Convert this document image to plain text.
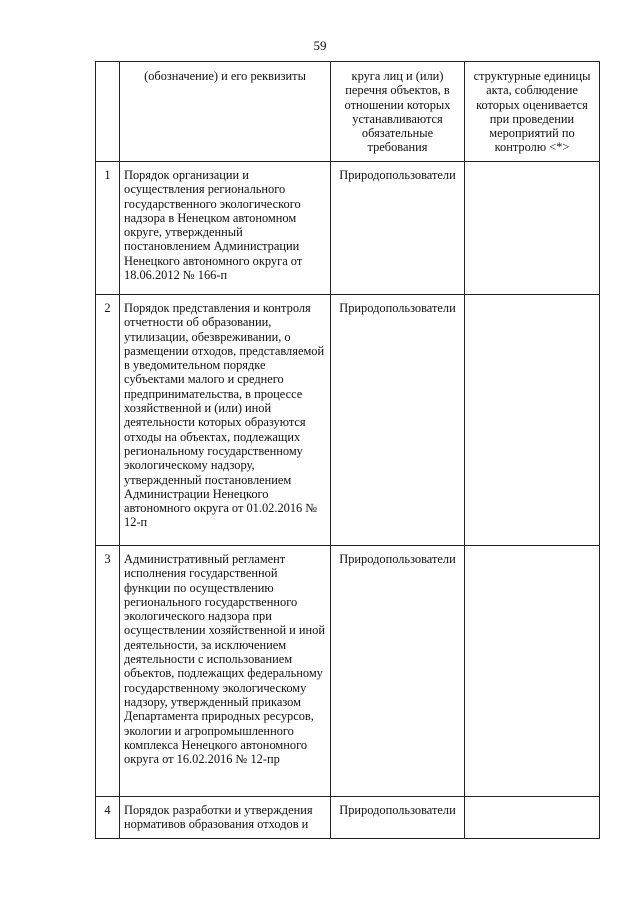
59

	(обозначение) и его реквизиты	круга лиц и (или) перечня объектов, в отношении которых устанавливаются обязательные требования	структурные единицы акта, соблюдение которых оценивается при проведении мероприятий по контролю <*>

1	Порядок организации и осуществления регионального государственного экологического надзора в Ненецком автономном округе, утвержденный постановлением Администрации Ненецкого автономного округа от 18.06.2012 № 166-п	Природопользователи	

2	Порядок представления и контроля отчетности об образовании, утилизации, обезвреживании, о размещении отходов, представляемой в уведомительном порядке субъектами малого и среднего предпринимательства, в процессе хозяйственной и (или) иной деятельности которых образуются отходы на объектах, подлежащих региональному государственному экологическому надзору, утвержденный постановлением Администрации Ненецкого автономного округа от 01.02.2016 № 12-п	Природопользователи	

3	Административный регламент исполнения государственной функции по осуществлению регионального государственного экологического надзора при осуществлении хозяйственной и иной деятельности, за исключением деятельности с использованием объектов, подлежащих федеральному государственному экологическому надзору, утвержденный приказом Департамента природных ресурсов, экологии и агропромышленного комплекса Ненецкого автономного округа от 16.02.2016 № 12-пр	Природопользователи	

4	Порядок разработки и утверждения нормативов образования отходов и	Природопользователи	
